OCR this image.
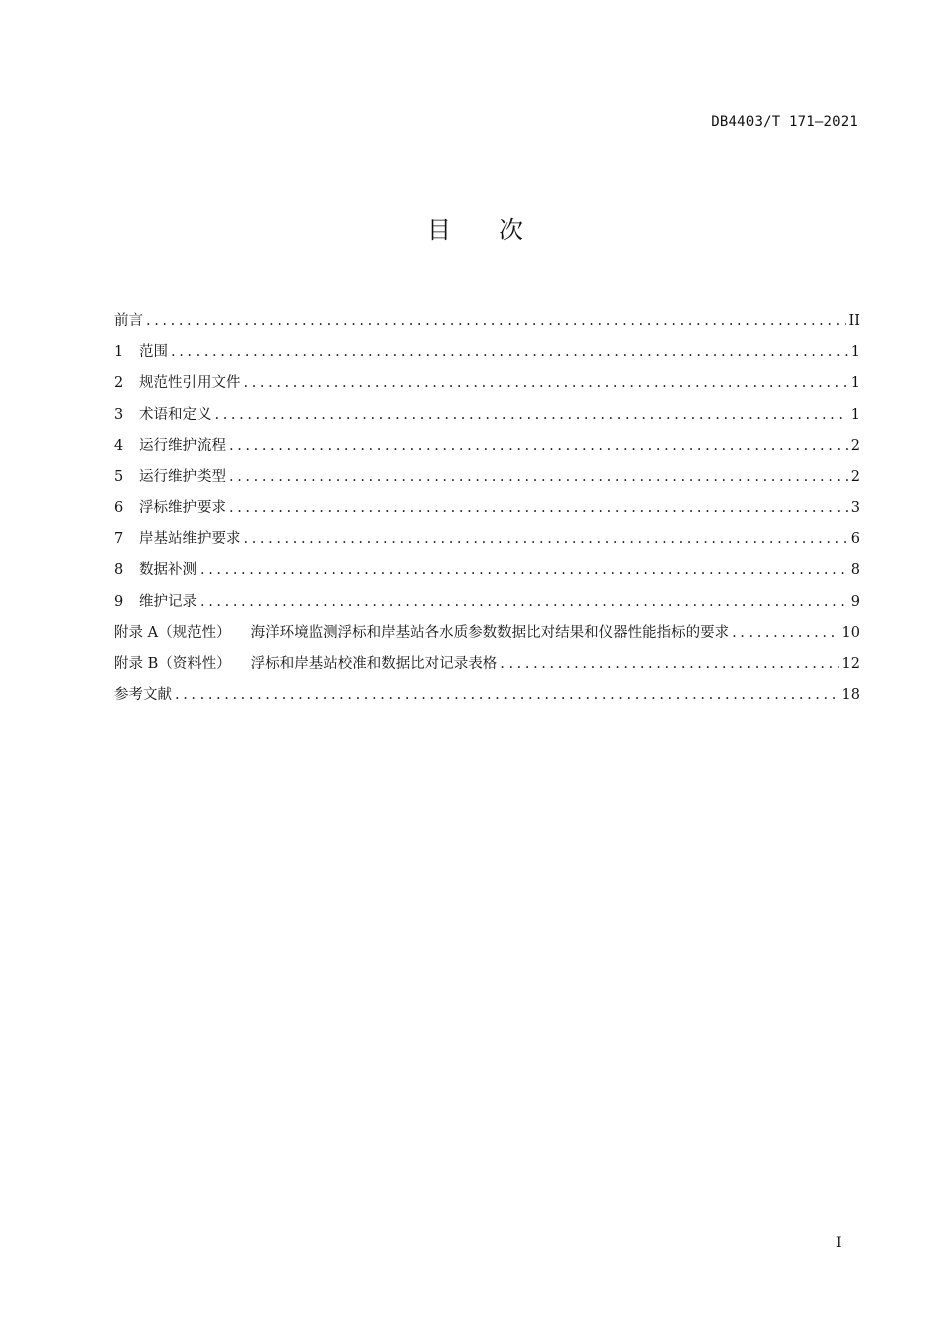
DB4403/T 171—2021
目 次
前言 .....	II
1	范围 .....	1
2	规范性引用文件 .....	1
3	术语和定义 .....	1
4	运行维护流程 .....	2
5	运行维护类型 .....	2
6	浮标维护要求 .....	3
7	岸基站维护要求 .....	6
8	数据补测 .....	8
9	维护记录 .....	9
附录 A（规范性） 海洋环境监测浮标和岸基站各水质参数数据比对结果和仪器性能指标的要求 .....	10
附录 B（资料性） 浮标和岸基站校准和数据比对记录表格 .....	12
参考文献 .....	18
I
